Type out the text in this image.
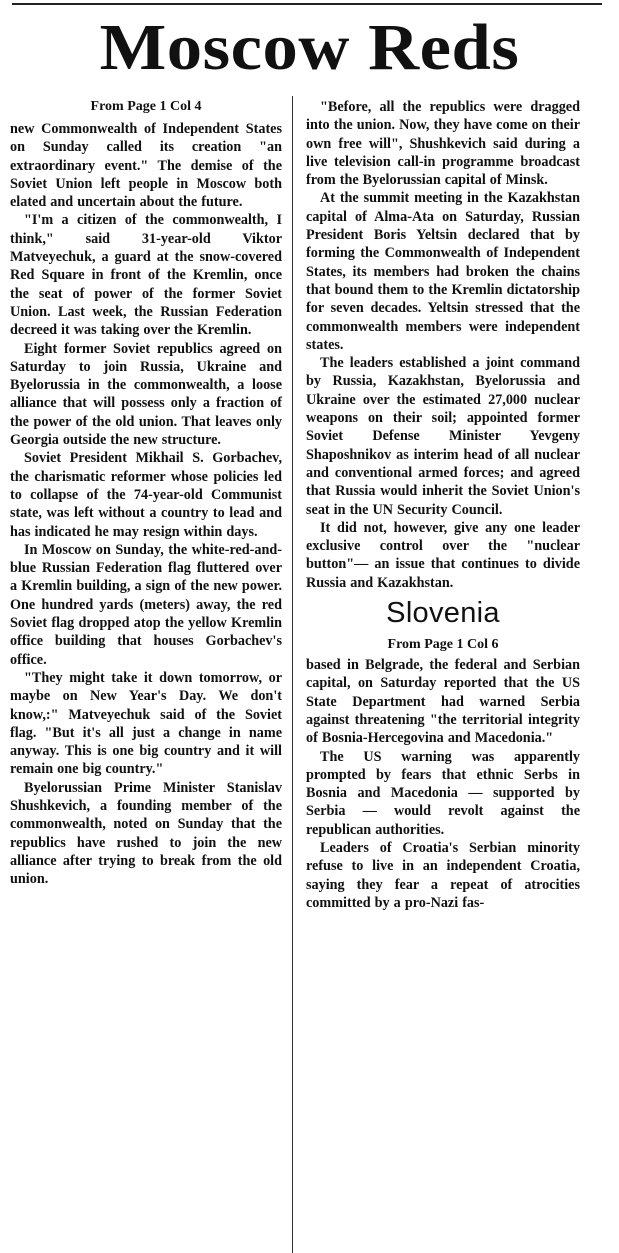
Moscow Reds
From Page 1 Col 4

new Commonwealth of Independent States on Sunday called its creation "an extraordinary event." The demise of the Soviet Union left people in Moscow both elated and uncertain about the future.

"I'm a citizen of the commonwealth, I think," said 31-year-old Viktor Matveyechuk, a guard at the snow-covered Red Square in front of the Kremlin, once the seat of power of the former Soviet Union. Last week, the Russian Federation decreed it was taking over the Kremlin.

Eight former Soviet republics agreed on Saturday to join Russia, Ukraine and Byelorussia in the commonwealth, a loose alliance that will possess only a fraction of the power of the old union. That leaves only Georgia outside the new structure.

Soviet President Mikhail S. Gorbachev, the charismatic reformer whose policies led to collapse of the 74-year-old Communist state, was left without a country to lead and has indicated he may resign within days.

In Moscow on Sunday, the white-red-and-blue Russian Federation flag fluttered over a Kremlin building, a sign of the new power. One hundred yards (meters) away, the red Soviet flag dropped atop the yellow Kremlin office building that houses Gorbachev's office.

"They might take it down tomorrow, or maybe on New Year's Day. We don't know,:" Matveyechuk said of the Soviet flag. "But it's all just a change in name anyway. This is one big country and it will remain one big country."

Byelorussian Prime Minister Stanislav Shushkevich, a founding member of the commonwealth, noted on Sunday that the republics have rushed to join the new alliance after trying to break from the old union.

"Before, all the republics were dragged into the union. Now, they have come on their own free will", Shushkevich said during a live television call-in programme broadcast from the Byelorussian capital of Minsk.

At the summit meeting in the Kazakhstan capital of Alma-Ata on Saturday, Russian President Boris Yeltsin declared that by forming the Commonwealth of Independent States, its members had broken the chains that bound them to the Kremlin dictatorship for seven decades. Yeltsin stressed that the commonwealth members were independent states.

The leaders established a joint command by Russia, Kazakhstan, Byelorussia and Ukraine over the estimated 27,000 nuclear weapons on their soil; appointed former Soviet Defense Minister Yevgeny Shaposhnikov as interim head of all nuclear and conventional armed forces; and agreed that Russia would inherit the Soviet Union's seat in the UN Security Council.

It did not, however, give any one leader exclusive control over the "nuclear button"— an issue that continues to divide Russia and Kazakhstan.

Slovenia
From Page 1 Col 6

based in Belgrade, the federal and Serbian capital, on Saturday reported that the US State Department had warned Serbia against threatening "the territorial integrity of Bosnia-Hercegovina and Macedonia."

The US warning was apparently prompted by fears that ethnic Serbs in Bosnia and Macedonia — supported by Serbia — would revolt against the republican authorities.

Leaders of Croatia's Serbian minority refuse to live in an independent Croatia, saying they fear a repeat of atrocities committed by a pro-Nazi fas-
